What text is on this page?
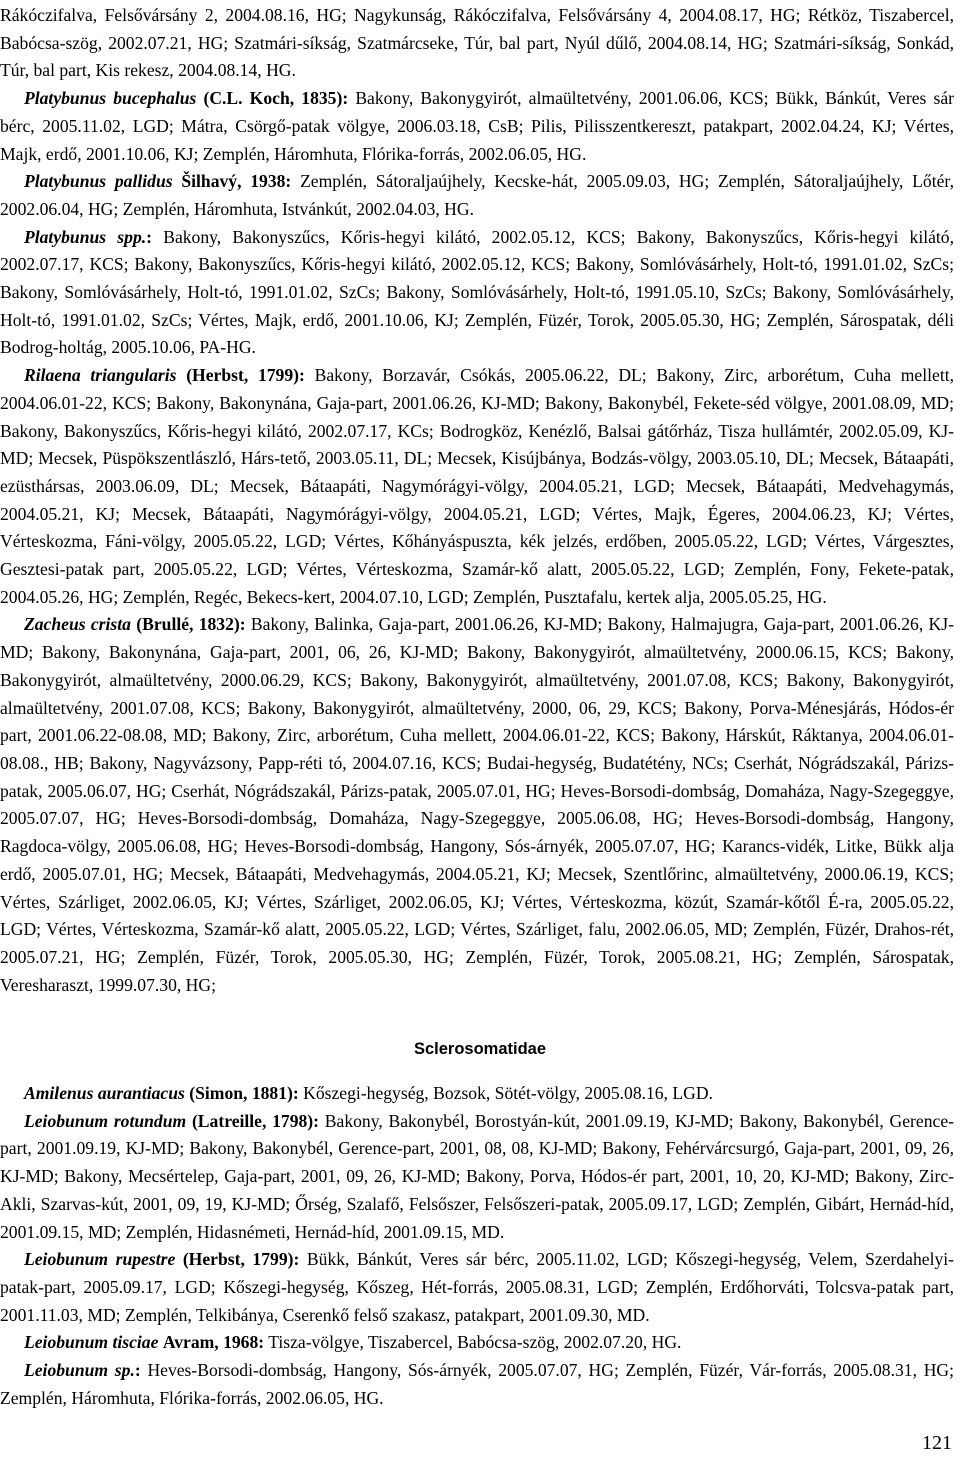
Rákóczifalva, Felsővársány 2, 2004.08.16, HG; Nagykunság, Rákóczifalva, Felsővársány 4, 2004.08.17, HG; Rétköz, Tiszabercel, Babócsa-szög, 2002.07.21, HG; Szatmári-síkság, Szatmárcseke, Túr, bal part, Nyúl dűlő, 2004.08.14, HG; Szatmári-síkság, Sonkád, Túr, bal part, Kis rekesz, 2004.08.14, HG.

Platybunus bucephalus (C.L. Koch, 1835): Bakony, Bakonygyirót, almaültetvény, 2001.06.06, KCS; Bükk, Bánkút, Veres sár bérc, 2005.11.02, LGD; Mátra, Csörgő-patak völgye, 2006.03.18, CsB; Pilis, Pilisszentkereszt, patakpart, 2002.04.24, KJ; Vértes, Majk, erdő, 2001.10.06, KJ; Zemplén, Háromhuta, Flórika-forrás, 2002.06.05, HG.

Platybunus pallidus Šilhavý, 1938: Zemplén, Sátoraljaújhely, Kecske-hát, 2005.09.03, HG; Zemplén, Sátoraljaújhely, Lőtér, 2002.06.04, HG; Zemplén, Háromhuta, Istvánkút, 2002.04.03, HG.

Platybunus spp.: Bakony, Bakonyszűcs, Kőris-hegyi kilátó, 2002.05.12, KCS; Bakony, Bakonyszűcs, Kőris-hegyi kilátó, 2002.07.17, KCS; Bakony, Bakonyszűcs, Kőris-hegyi kilátó, 2002.05.12, KCS; Bakony, Somlóvásárhely, Holt-tó, 1991.01.02, SzCs; Bakony, Somlóvásárhely, Holt-tó, 1991.01.02, SzCs; Bakony, Somlóvásárhely, Holt-tó, 1991.05.10, SzCs; Bakony, Somlóvásárhely, Holt-tó, 1991.01.02, SzCs; Vértes, Majk, erdő, 2001.10.06, KJ; Zemplén, Füzér, Torok, 2005.05.30, HG; Zemplén, Sárospatak, déli Bodrog-holtág, 2005.10.06, PA-HG.

Rilaena triangularis (Herbst, 1799): Bakony, Borzavár, Csókás, 2005.06.22, DL; Bakony, Zirc, arborétum, Cuha mellett, 2004.06.01-22, KCS; Bakony, Bakonynána, Gaja-part, 2001.06.26, KJ-MD; Bakony, Bakonybél, Fekete-séd völgye, 2001.08.09, MD; Bakony, Bakonyszűcs, Kőris-hegyi kilátó, 2002.07.17, KCs; Bodrogköz, Kenézlő, Balsai gátőrház, Tisza hullámtér, 2002.05.09, KJ-MD; Mecsek, Püspökszentlászló, Hárs-tető, 2003.05.11, DL; Mecsek, Kisújbánya, Bodzás-völgy, 2003.05.10, DL; Mecsek, Bátaapáti, ezüsthársas, 2003.06.09, DL; Mecsek, Bátaapáti, Nagymórágyi-völgy, 2004.05.21, LGD; Mecsek, Bátaapáti, Medvehagymás, 2004.05.21, KJ; Mecsek, Bátaapáti, Nagymórágyi-völgy, 2004.05.21, LGD; Vértes, Majk, Égeres, 2004.06.23, KJ; Vértes, Vérteskozma, Fáni-völgy, 2005.05.22, LGD; Vértes, Kőhányáspuszta, kék jelzés, erdőben, 2005.05.22, LGD; Vértes, Várgesztes, Gesztesi-patak part, 2005.05.22, LGD; Vértes, Vérteskozma, Szamár-kő alatt, 2005.05.22, LGD; Zemplén, Fony, Fekete-patak, 2004.05.26, HG; Zemplén, Regéc, Bekecs-kert, 2004.07.10, LGD; Zemplén, Pusztafalu, kertek alja, 2005.05.25, HG.

Zacheus crista (Brullé, 1832): Bakony, Balinka, Gaja-part, 2001.06.26, KJ-MD; Bakony, Halmajugra, Gaja-part, 2001.06.26, KJ-MD; Bakony, Bakonynána, Gaja-part, 2001, 06, 26, KJ-MD; Bakony, Bakonygyirót, almaültetvény, 2000.06.15, KCS; Bakony, Bakonygyirót, almaültetvény, 2000.06.29, KCS; Bakony, Bakonygyirót, almaültetvény, 2001.07.08, KCS; Bakony, Bakonygyirót, almaültetvény, 2001.07.08, KCS; Bakony, Bakonygyirót, almaültetvény, 2000, 06, 29, KCS; Bakony, Porva-Ménesjárás, Hódos-ér part, 2001.06.22-08.08, MD; Bakony, Zirc, arborétum, Cuha mellett, 2004.06.01-22, KCS; Bakony, Hárskút, Ráktanya, 2004.06.01-08.08., HB; Bakony, Nagyvázsony, Papp-réti tó, 2004.07.16, KCS; Budai-hegység, Budatétény, NCs; Cserhát, Nógrádszakál, Párizs-patak, 2005.06.07, HG; Cserhát, Nógrádszakál, Párizs-patak, 2005.07.01, HG; Heves-Borsodi-dombság, Domaháza, Nagy-Szegeggye, 2005.07.07, HG; Heves-Borsodi-dombság, Domaháza, Nagy-Szegeggye, 2005.06.08, HG; Heves-Borsodi-dombság, Hangony, Ragdoca-völgy, 2005.06.08, HG; Heves-Borsodi-dombság, Hangony, Sós-árnyék, 2005.07.07, HG; Karancs-vidék, Litke, Bükk alja erdő, 2005.07.01, HG; Mecsek, Bátaapáti, Medvehagymás, 2004.05.21, KJ; Mecsek, Szentlőrinc, almaültetvény, 2000.06.19, KCS; Vértes, Szárliget, 2002.06.05, KJ; Vértes, Szárliget, 2002.06.05, KJ; Vértes, Vérteskozma, közút, Szamár-kőtől É-ra, 2005.05.22, LGD; Vértes, Vérteskozma, Szamár-kő alatt, 2005.05.22, LGD; Vértes, Szárliget, falu, 2002.06.05, MD; Zemplén, Füzér, Drahos-rét, 2005.07.21, HG; Zemplén, Füzér, Torok, 2005.05.30, HG; Zemplén, Füzér, Torok, 2005.08.21, HG; Zemplén, Sárospatak, Veresharaszt, 1999.07.30, HG;

Sclerosomatidae

Amilenus aurantiacus (Simon, 1881): Kőszegi-hegység, Bozsok, Sötét-völgy, 2005.08.16, LGD.

Leiobunum rotundum (Latreille, 1798): Bakony, Bakonybél, Borostyán-kút, 2001.09.19, KJ-MD; Bakony, Bakonybél, Gerence-part, 2001.09.19, KJ-MD; Bakony, Bakonybél, Gerence-part, 2001, 08, 08, KJ-MD; Bakony, Fehérvárcsurgó, Gaja-part, 2001, 09, 26, KJ-MD; Bakony, Mecsértelep, Gaja-part, 2001, 09, 26, KJ-MD; Bakony, Porva, Hódos-ér part, 2001, 10, 20, KJ-MD; Bakony, Zirc-Akli, Szarvas-kút, 2001, 09, 19, KJ-MD; Őrség, Szalafő, Felsőszer, Felsőszeri-patak, 2005.09.17, LGD; Zemplén, Gibárt, Hernád-híd, 2001.09.15, MD; Zemplén, Hidasnémeti, Hernád-híd, 2001.09.15, MD.

Leiobunum rupestre (Herbst, 1799): Bükk, Bánkút, Veres sár bérc, 2005.11.02, LGD; Kőszegi-hegység, Velem, Szerdahelyi-patak-part, 2005.09.17, LGD; Kőszegi-hegység, Kőszeg, Hét-forrás, 2005.08.31, LGD; Zemplén, Erdőhorváti, Tolcsva-patak part, 2001.11.03, MD; Zemplén, Telkibánya, Cserenkő felső szakasz, patakpart, 2001.09.30, MD.

Leiobunum tisciae Avram, 1968: Tisza-völgye, Tiszabercel, Babócsa-szög, 2002.07.20, HG.

Leiobunum sp.: Heves-Borsodi-dombság, Hangony, Sós-árnyék, 2005.07.07, HG; Zemplén, Füzér, Vár-forrás, 2005.08.31, HG; Zemplén, Háromhuta, Flórika-forrás, 2002.06.05, HG.

121
